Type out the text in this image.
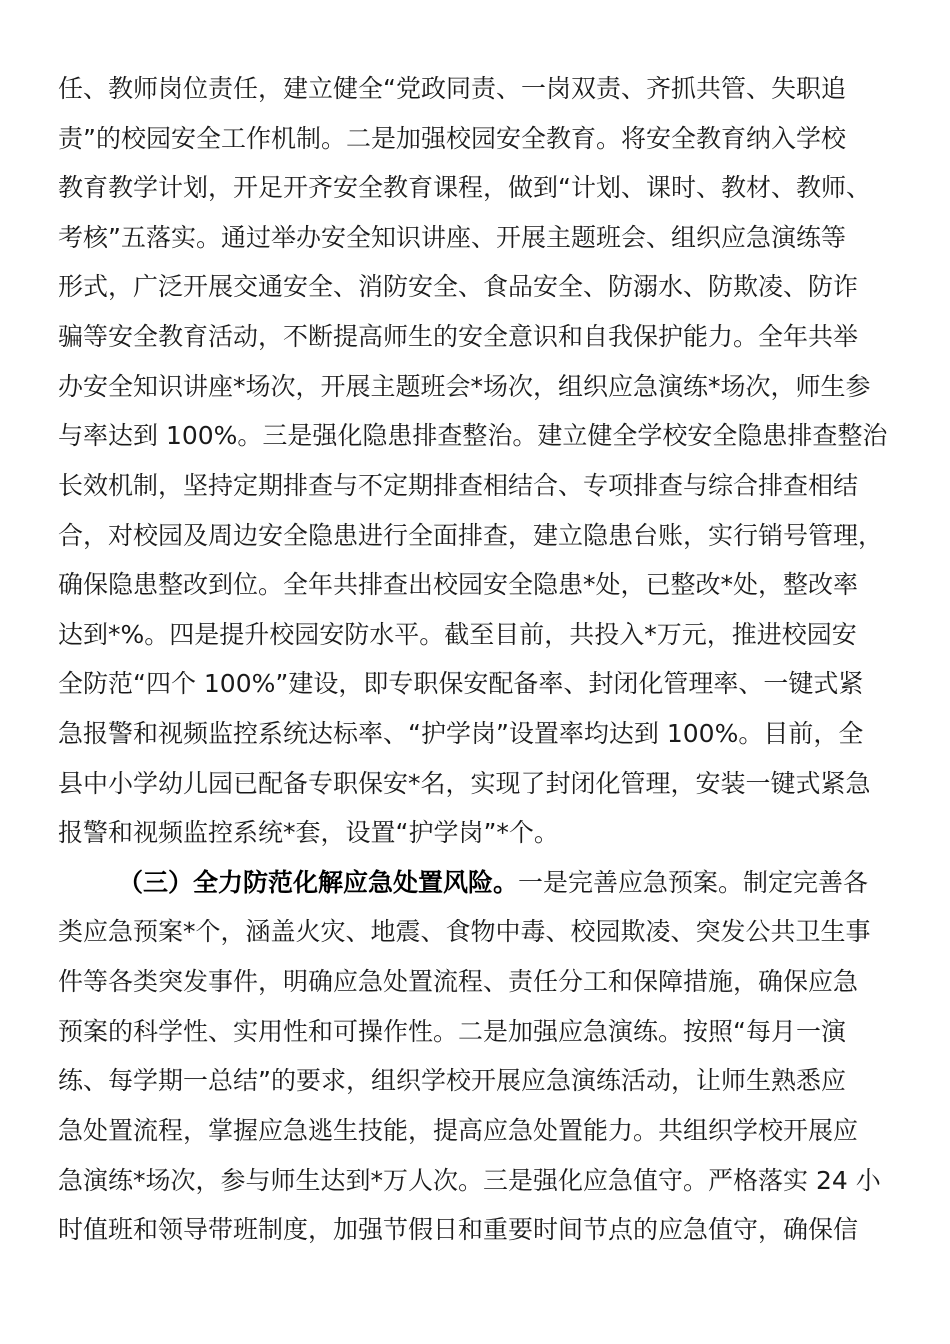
任、教师岗位责任，建立健全“党政同责、一岗双责、齐抓共管、失职追
责”的校园安全工作机制。二是加强校园安全教育。将安全教育纳入学校
教育教学计划，开足开齐安全教育课程，做到“计划、课时、教材、教师、
考核”五落实。通过举办安全知识讲座、开展主题班会、组织应急演练等
形式，广泛开展交通安全、消防安全、食品安全、防溺水、防欺凌、防诈
骗等安全教育活动，不断提高师生的安全意识和自我保护能力。全年共举
办安全知识讲座*场次，开展主题班会*场次，组织应急演练*场次，师生参
与率达到 100%。三是强化隐患排查整治。建立健全学校安全隐患排查整治
长效机制，坚持定期排查与不定期排查相结合、专项排查与综合排查相结
合，对校园及周边安全隐患进行全面排查，建立隐患台账，实行销号管理，
确保隐患整改到位。全年共排查出校园安全隐患*处，已整改*处，整改率
达到*%。四是提升校园安防水平。截至目前，共投入*万元，推进校园安
全防范“四个 100%”建设，即专职保安配备率、封闭化管理率、一键式紧
急报警和视频监控系统达标率、“护学岗”设置率均达到 100%。目前，全
县中小学幼儿园已配备专职保安*名，实现了封闭化管理，安装一键式紧急
报警和视频监控系统*套，设置“护学岗”*个。
（三）全力防范化解应急处置风险。一是完善应急预案。制定完善各
类应急预案*个，涵盖火灾、地震、食物中毒、校园欺凌、突发公共卫生事
件等各类突发事件，明确应急处置流程、责任分工和保障措施，确保应急
预案的科学性、实用性和可操作性。二是加强应急演练。按照“每月一演
练、每学期一总结”的要求，组织学校开展应急演练活动，让师生熟悉应
急处置流程，掌握应急逃生技能，提高应急处置能力。共组织学校开展应
急演练*场次，参与师生达到*万人次。三是强化应急值守。严格落实 24 小
时值班和领导带班制度，加强节假日和重要时间节点的应急值守，确保信
